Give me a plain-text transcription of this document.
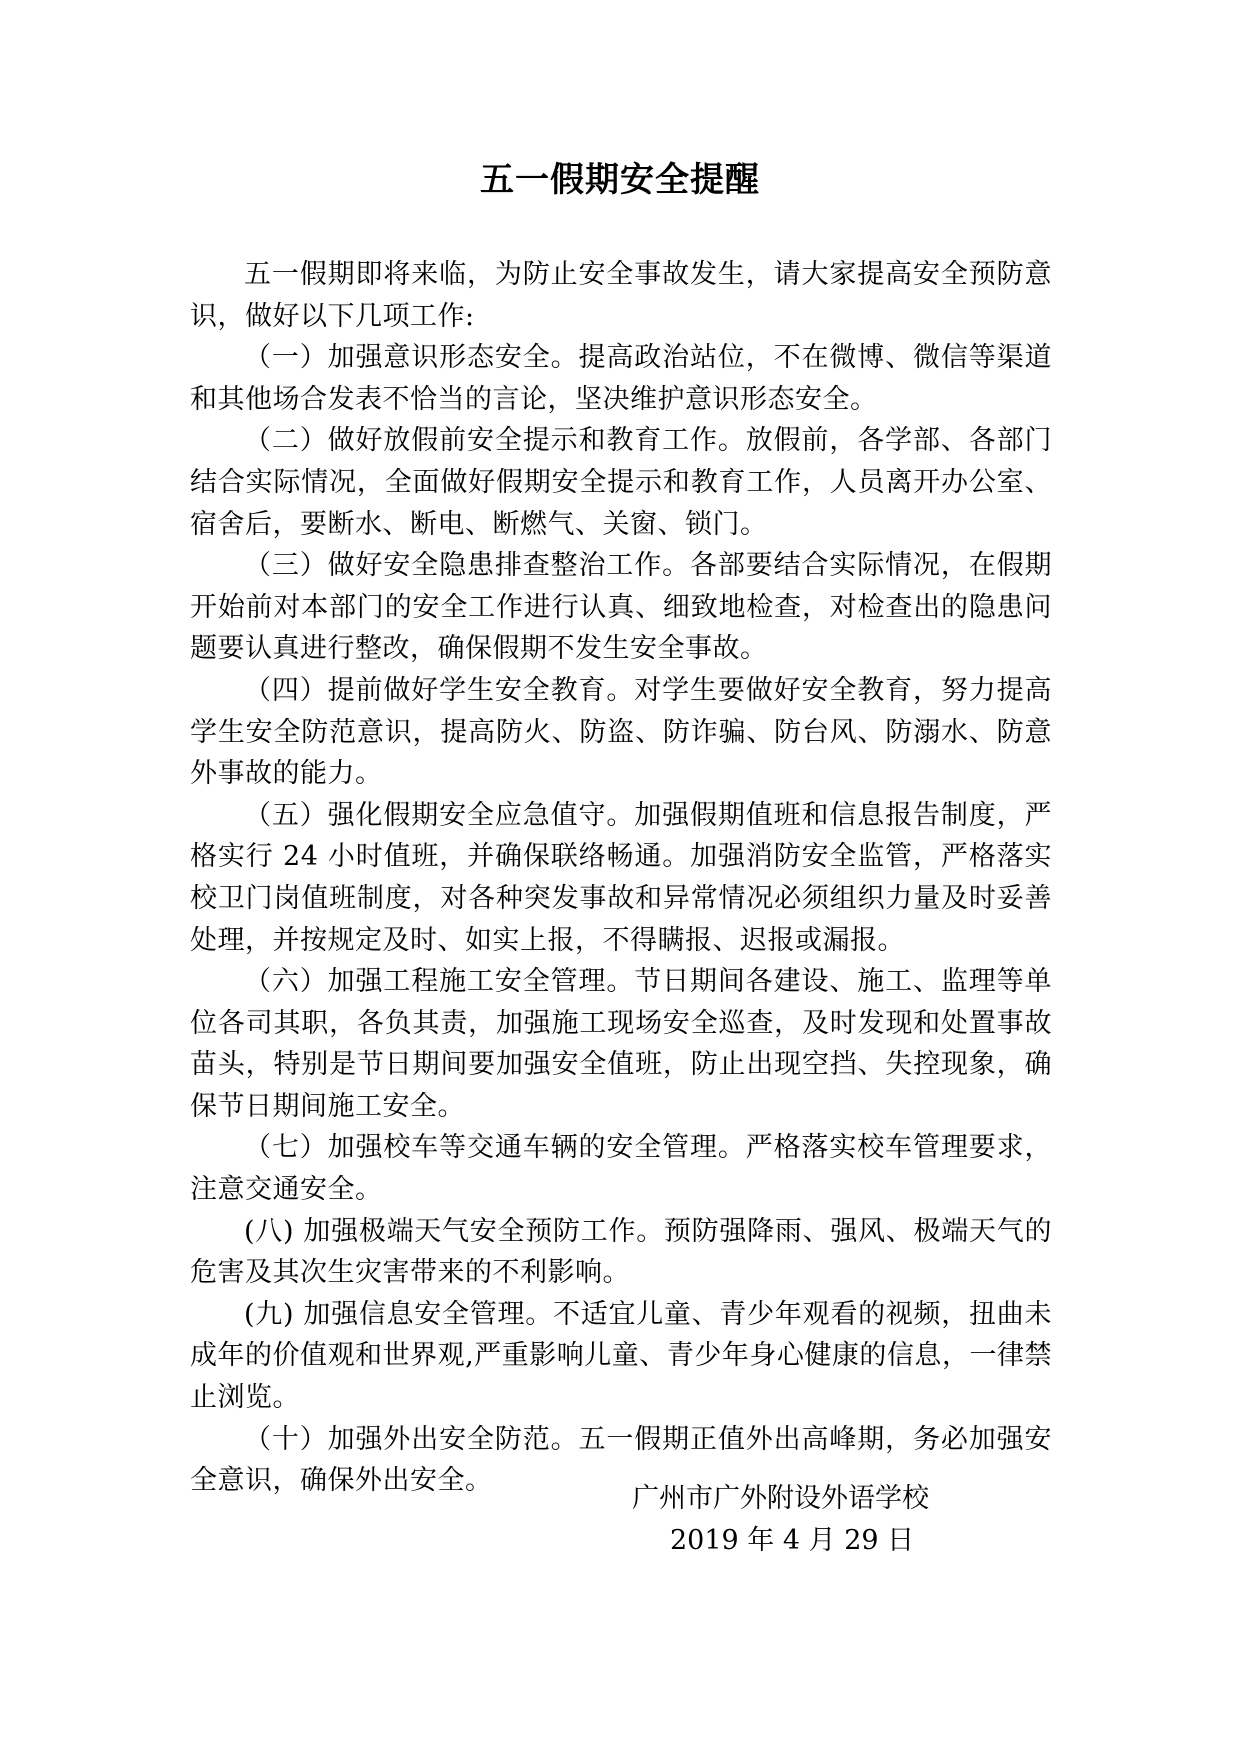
五一假期安全提醒

五一假期即将来临，为防止安全事故发生，请大家提高安全预防意识，做好以下几项工作:

（一）加强意识形态安全。提高政治站位，不在微博、微信等渠道和其他场合发表不恰当的言论，坚决维护意识形态安全。

（二）做好放假前安全提示和教育工作。放假前，各学部、各部门结合实际情况，全面做好假期安全提示和教育工作，人员离开办公室、宿舍后，要断水、断电、断燃气、关窗、锁门。

（三）做好安全隐患排查整治工作。各部要结合实际情况，在假期开始前对本部门的安全工作进行认真、细致地检查，对检查出的隐患问题要认真进行整改，确保假期不发生安全事故。

（四）提前做好学生安全教育。对学生要做好安全教育，努力提高学生安全防范意识，提高防火、防盗、防诈骗、防台风、防溺水、防意外事故的能力。

（五）强化假期安全应急值守。加强假期值班和信息报告制度，严格实行 24 小时值班，并确保联络畅通。加强消防安全监管，严格落实校卫门岗值班制度，对各种突发事故和异常情况必须组织力量及时妥善处理，并按规定及时、如实上报，不得瞒报、迟报或漏报。

（六）加强工程施工安全管理。节日期间各建设、施工、监理等单位各司其职，各负其责，加强施工现场安全巡查，及时发现和处置事故苗头，特别是节日期间要加强安全值班，防止出现空挡、失控现象，确保节日期间施工安全。

（七）加强校车等交通车辆的安全管理。严格落实校车管理要求，注意交通安全。

(八) 加强极端天气安全预防工作。预防强降雨、强风、极端天气的危害及其次生灾害带来的不利影响。

(九) 加强信息安全管理。不适宜儿童、青少年观看的视频，扭曲未成年的价值观和世界观,严重影响儿童、青少年身心健康的信息，一律禁止浏览。

（十）加强外出安全防范。五一假期正值外出高峰期，务必加强安全意识，确保外出安全。

广州市广外附设外语学校
2019 年 4 月 29 日
